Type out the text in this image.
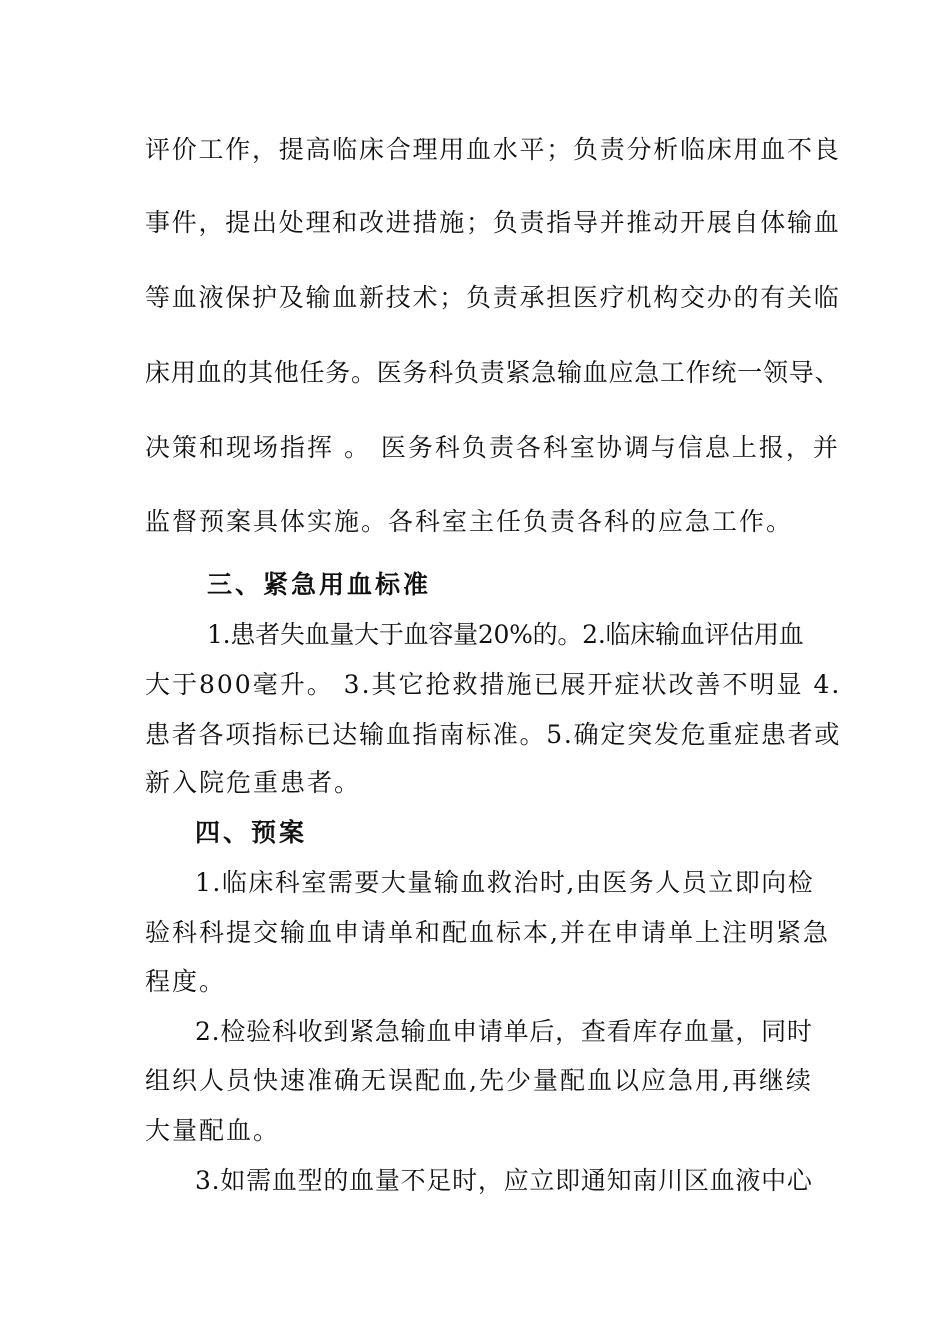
评价工作，提高临床合理用血水平；负责分析临床用血不良
事件，提出处理和改进措施；负责指导并推动开展自体输血
等血液保护及输血新技术；负责承担医疗机构交办的有关临
床用血的其他任务。医务科负责紧急输血应急工作统一领导、
决策和现场指挥 。 医务科负责各科室协调与信息上报，并
监督预案具体实施。各科室主任负责各科的应急工作。
三、紧急用血标准
1.患者失血量大于血容量20%的。2.临床输血评估用血
大于800毫升。 3.其它抢救措施已展开症状改善不明显 4.
患者各项指标已达输血指南标准。5.确定突发危重症患者或
新入院危重患者。
四、预案
1.临床科室需要大量输血救治时,由医务人员立即向检
验科科提交输血申请单和配血标本,并在申请单上注明紧急
程度。
2.检验科收到紧急输血申请单后，查看库存血量，同时
组织人员快速准确无误配血,先少量配血以应急用,再继续
大量配血。
3.如需血型的血量不足时，应立即通知南川区血液中心
